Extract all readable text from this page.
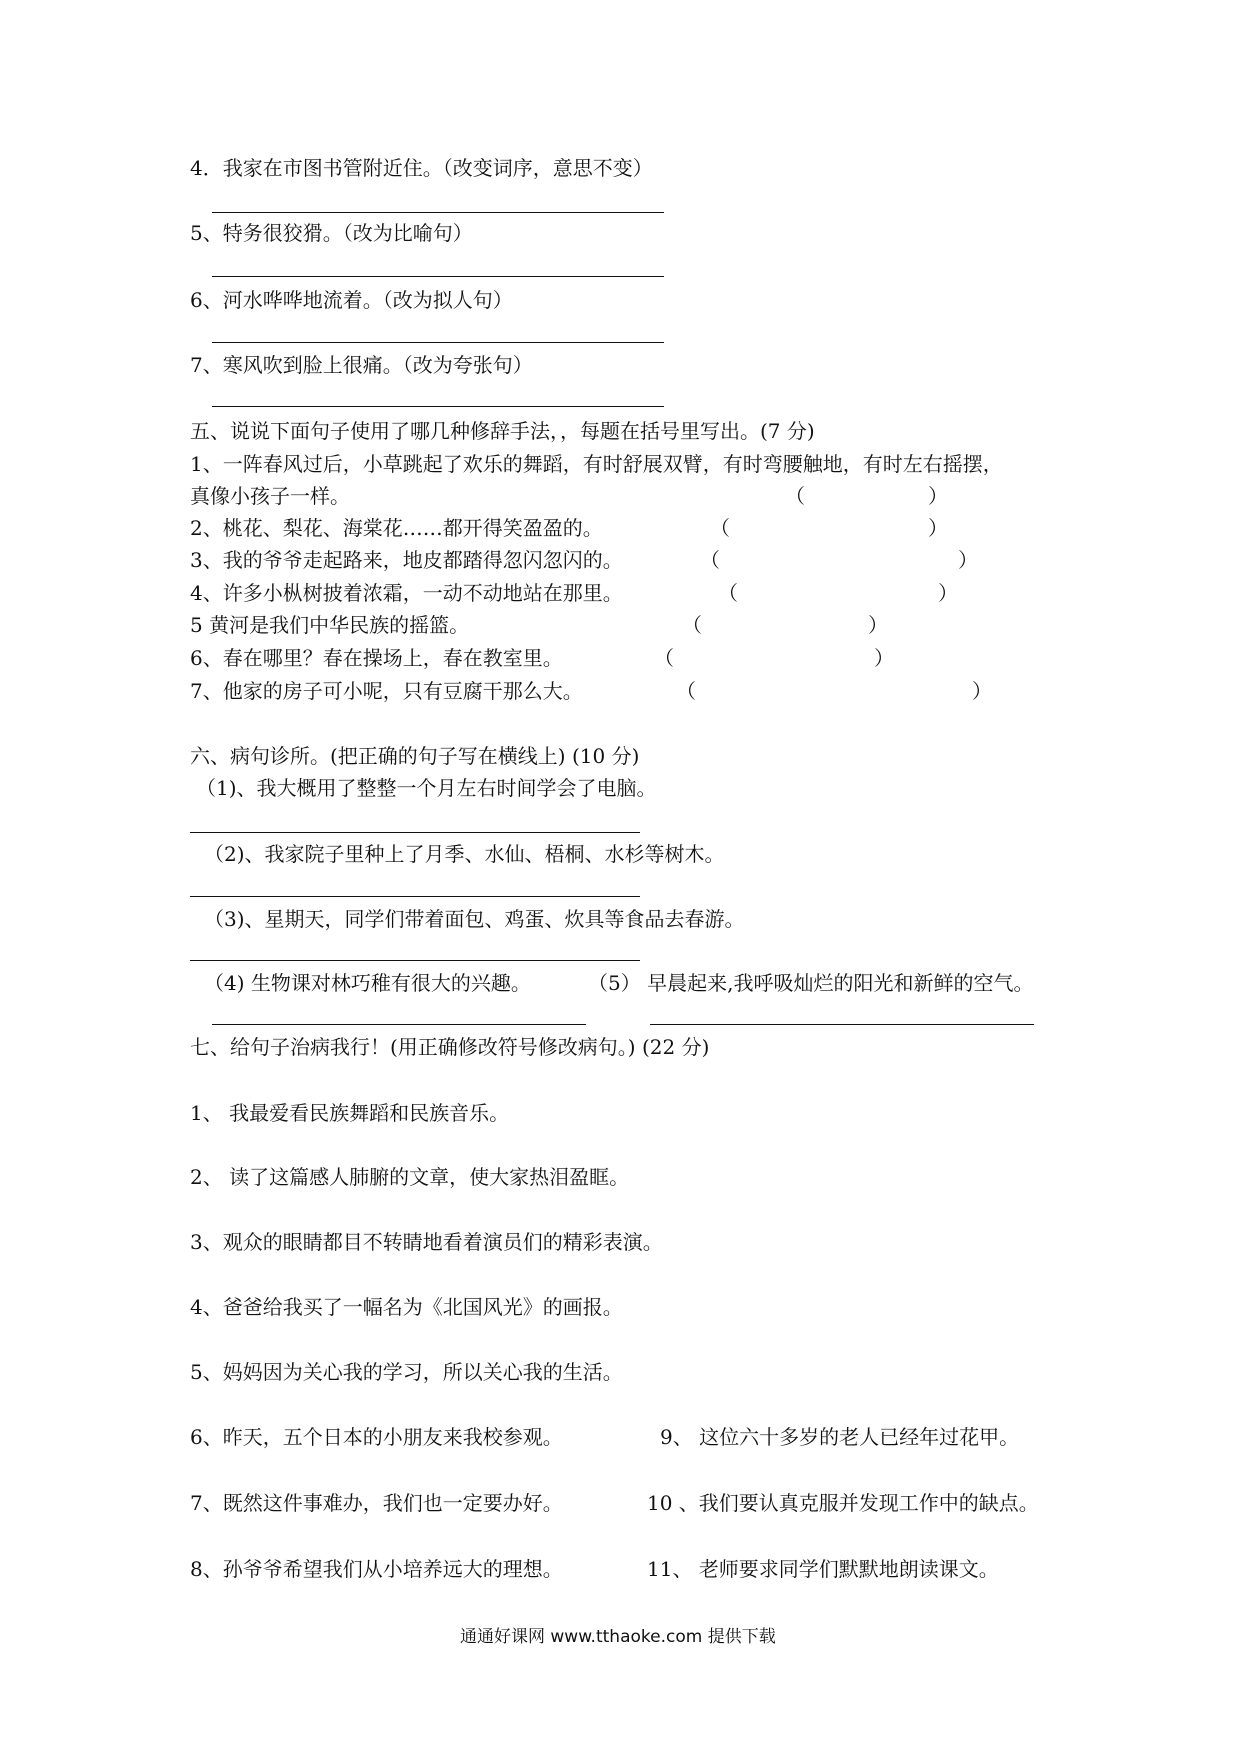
4．我家在市图书管附近住。（改变词序，意思不变）
5、特务很狡猾。（改为比喻句）
6、河水哗哗地流着。（改为拟人句）
7、寒风吹到脸上很痛。（改为夸张句）
五、说说下面句子使用了哪几种修辞手法，，每题在括号里写出。(7 分)
1、一阵春风过后，小草跳起了欢乐的舞蹈，有时舒展双臂，有时弯腰触地，有时左右摇摆，
真像小孩子一样。	（	）
2、桃花、梨花、海棠花……都开得笑盈盈的。	（	）
3、我的爷爷走起路来，地皮都踏得忽闪忽闪的。	（	）
4、许多小枞树披着浓霜，一动不动地站在那里。	（	）
5 黄河是我们中华民族的摇篮。	（	）
6、春在哪里？春在操场上，春在教室里。	（	）
7、他家的房子可小呢，只有豆腐干那么大。	（	）
六、病句诊所。(把正确的句子写在横线上) (10 分)
（1)、我大概用了整整一个月左右时间学会了电脑。
（2)、我家院子里种上了月季、水仙、梧桐、水杉等树木。
（3)、星期天，同学们带着面包、鸡蛋、炊具等食品去春游。
（4) 生物课对林巧稚有很大的兴趣。	（5） 早晨起来,我呼吸灿烂的阳光和新鲜的空气。
七、给句子治病我行！(用正确修改符号修改病句。) (22 分)
1、 我最爱看民族舞蹈和民族音乐。
2、 读了这篇感人肺腑的文章，使大家热泪盈眶。
3、观众的眼睛都目不转睛地看着演员们的精彩表演。
4、爸爸给我买了一幅名为《北国风光》的画报。
5、妈妈因为关心我的学习，所以关心我的生活。
6、昨天，五个日本的小朋友来我校参观。	9、 这位六十多岁的老人已经年过花甲。
7、既然这件事难办，我们也一定要办好。	10 、我们要认真克服并发现工作中的缺点。
8、孙爷爷希望我们从小培养远大的理想。	11、 老师要求同学们默默地朗读课文。
通通好课网 www.tthaoke.com 提供下载
